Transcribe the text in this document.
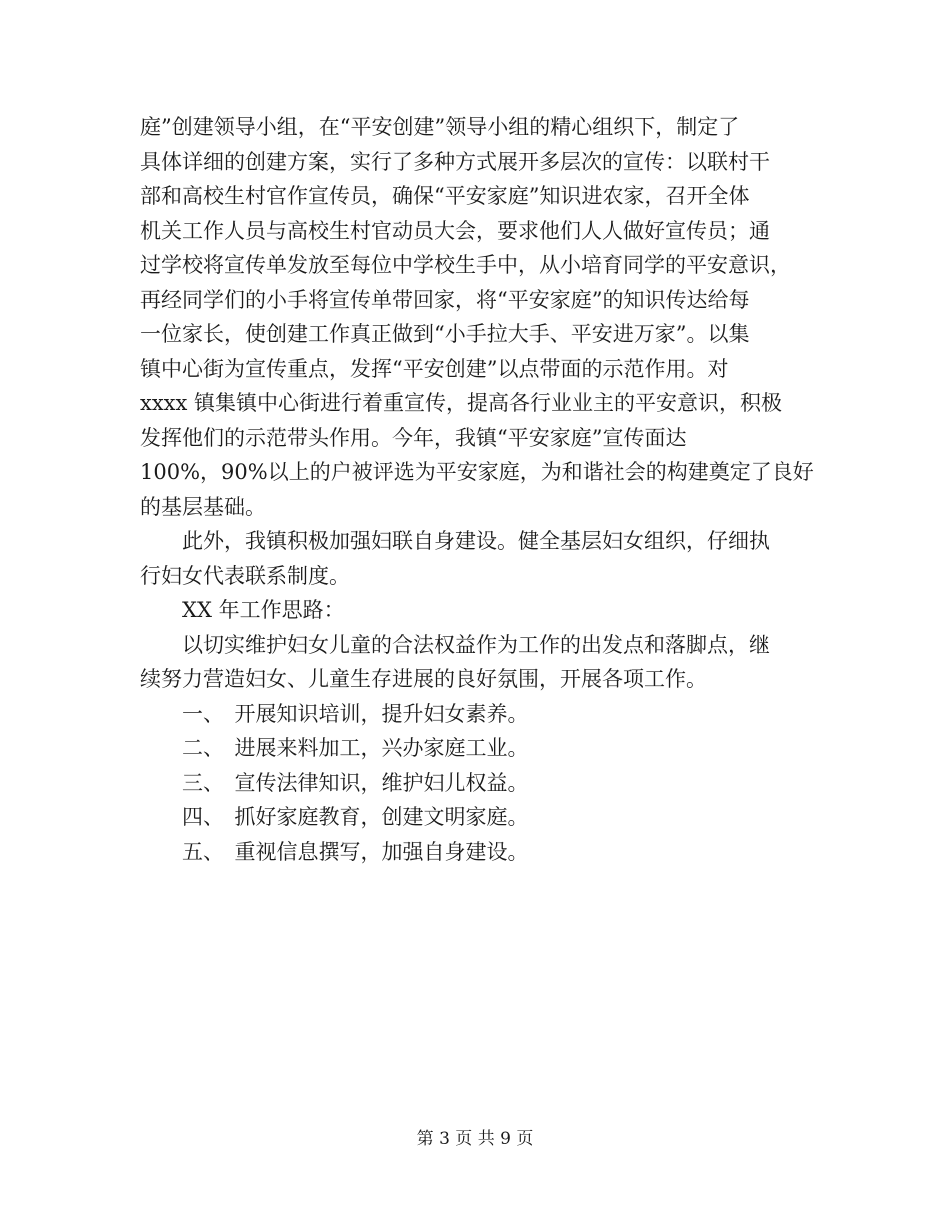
庭”创建领导小组，在“平安创建”领导小组的精心组织下，制定了

具体详细的创建方案，实行了多种方式展开多层次的宣传：以联村干

部和高校生村官作宣传员，确保“平安家庭”知识进农家，召开全体

机关工作人员与高校生村官动员大会，要求他们人人做好宣传员；通

过学校将宣传单发放至每位中学校生手中，从小培育同学的平安意识，

再经同学们的小手将宣传单带回家，将“平安家庭”的知识传达给每

一位家长，使创建工作真正做到“小手拉大手、平安进万家”。以集

镇中心街为宣传重点，发挥“平安创建”以点带面的示范作用。对

xxxx 镇集镇中心街进行着重宣传，提高各行业业主的平安意识，积极

发挥他们的示范带头作用。今年，我镇“平安家庭”宣传面达

100%，90%以上的户被评选为平安家庭，为和谐社会的构建奠定了良好

的基层基础。

　　此外，我镇积极加强妇联自身建设。健全基层妇女组织，仔细执

行妇女代表联系制度。

　　XX 年工作思路：

　　以切实维护妇女儿童的合法权益作为工作的出发点和落脚点，继

续努力营造妇女、儿童生存进展的良好氛围，开展各项工作。

　　一、　开展知识培训，提升妇女素养。

　　二、　进展来料加工，兴办家庭工业。

　　三、　宣传法律知识，维护妇儿权益。

　　四、　抓好家庭教育，创建文明家庭。

　　五、　重视信息撰写，加强自身建设。

第 3 页 共 9 页
